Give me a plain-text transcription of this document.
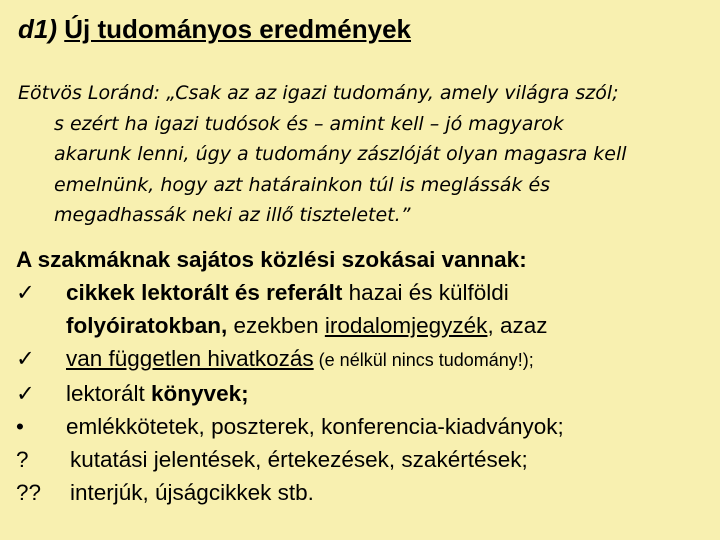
d1) Új tudományos eredmények
Eötvös Loránd: „Csak az az igazi tudomány, amely világra szól;
s ezért ha igazi tudósok és – amint kell – jó magyarok
akarunk lenni, úgy a tudomány zászlóját olyan magasra kell
emelnünk, hogy azt határainkon túl is meglássák és
megadhassák neki az illő tiszteletet.”
A szakmáknak sajátos közlési szokásai vannak:
✓	cikkek lektorált és referált hazai és külföldi
folyóiratokban, ezekben irodalomjegyzék, azaz
✓	van független hivatkozás (e nélkül nincs tudomány!);
✓	lektorált könyvek;
•	emlékkötetek, poszterek, konferencia-kiadványok;
?	kutatási jelentések, értekezések, szakértések;
??	interjúk, újságcikkek stb.
